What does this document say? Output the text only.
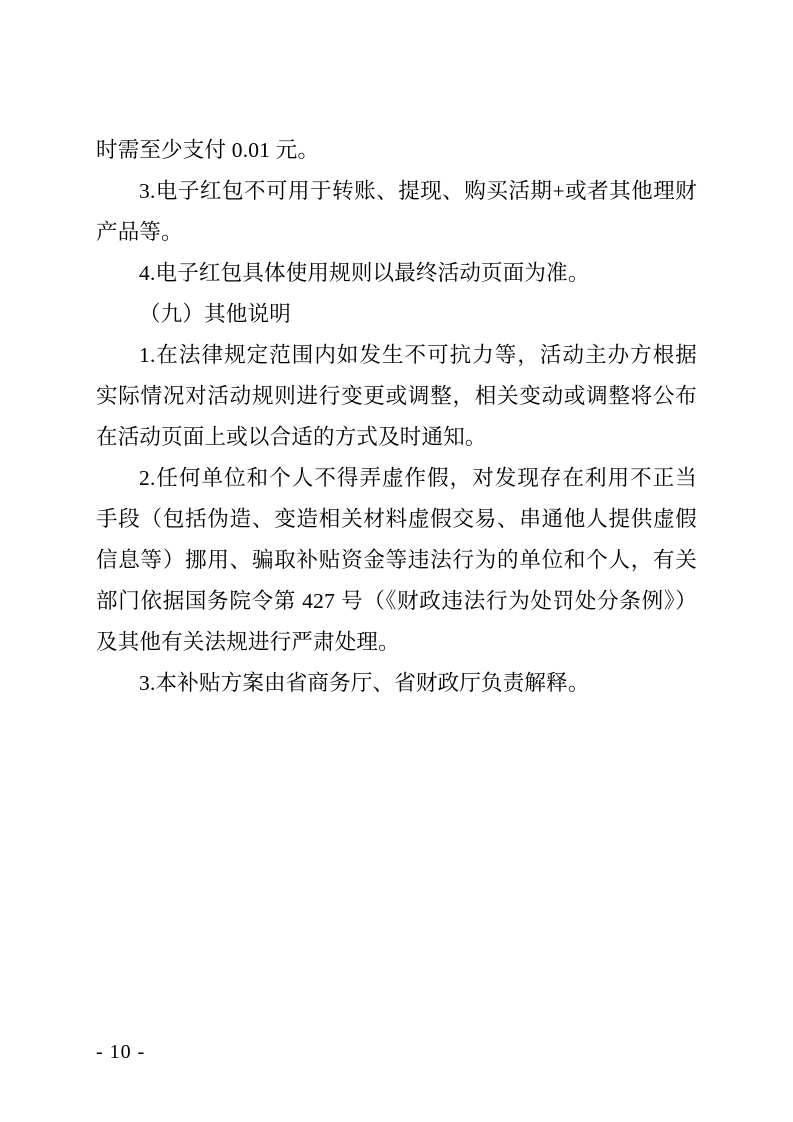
时需至少支付 0.01 元。

3.电子红包不可用于转账、提现、购买活期+或者其他理财产品等。

4.电子红包具体使用规则以最终活动页面为准。

（九）其他说明

1.在法律规定范围内如发生不可抗力等，活动主办方根据实际情况对活动规则进行变更或调整，相关变动或调整将公布在活动页面上或以合适的方式及时通知。

2.任何单位和个人不得弄虚作假，对发现存在利用不正当手段（包括伪造、变造相关材料虚假交易、串通他人提供虚假信息等）挪用、骗取补贴资金等违法行为的单位和个人，有关部门依据国务院令第 427 号（《财政违法行为处罚处分条例》）及其他有关法规进行严肃处理。

3.本补贴方案由省商务厅、省财政厅负责解释。

- 10 -
